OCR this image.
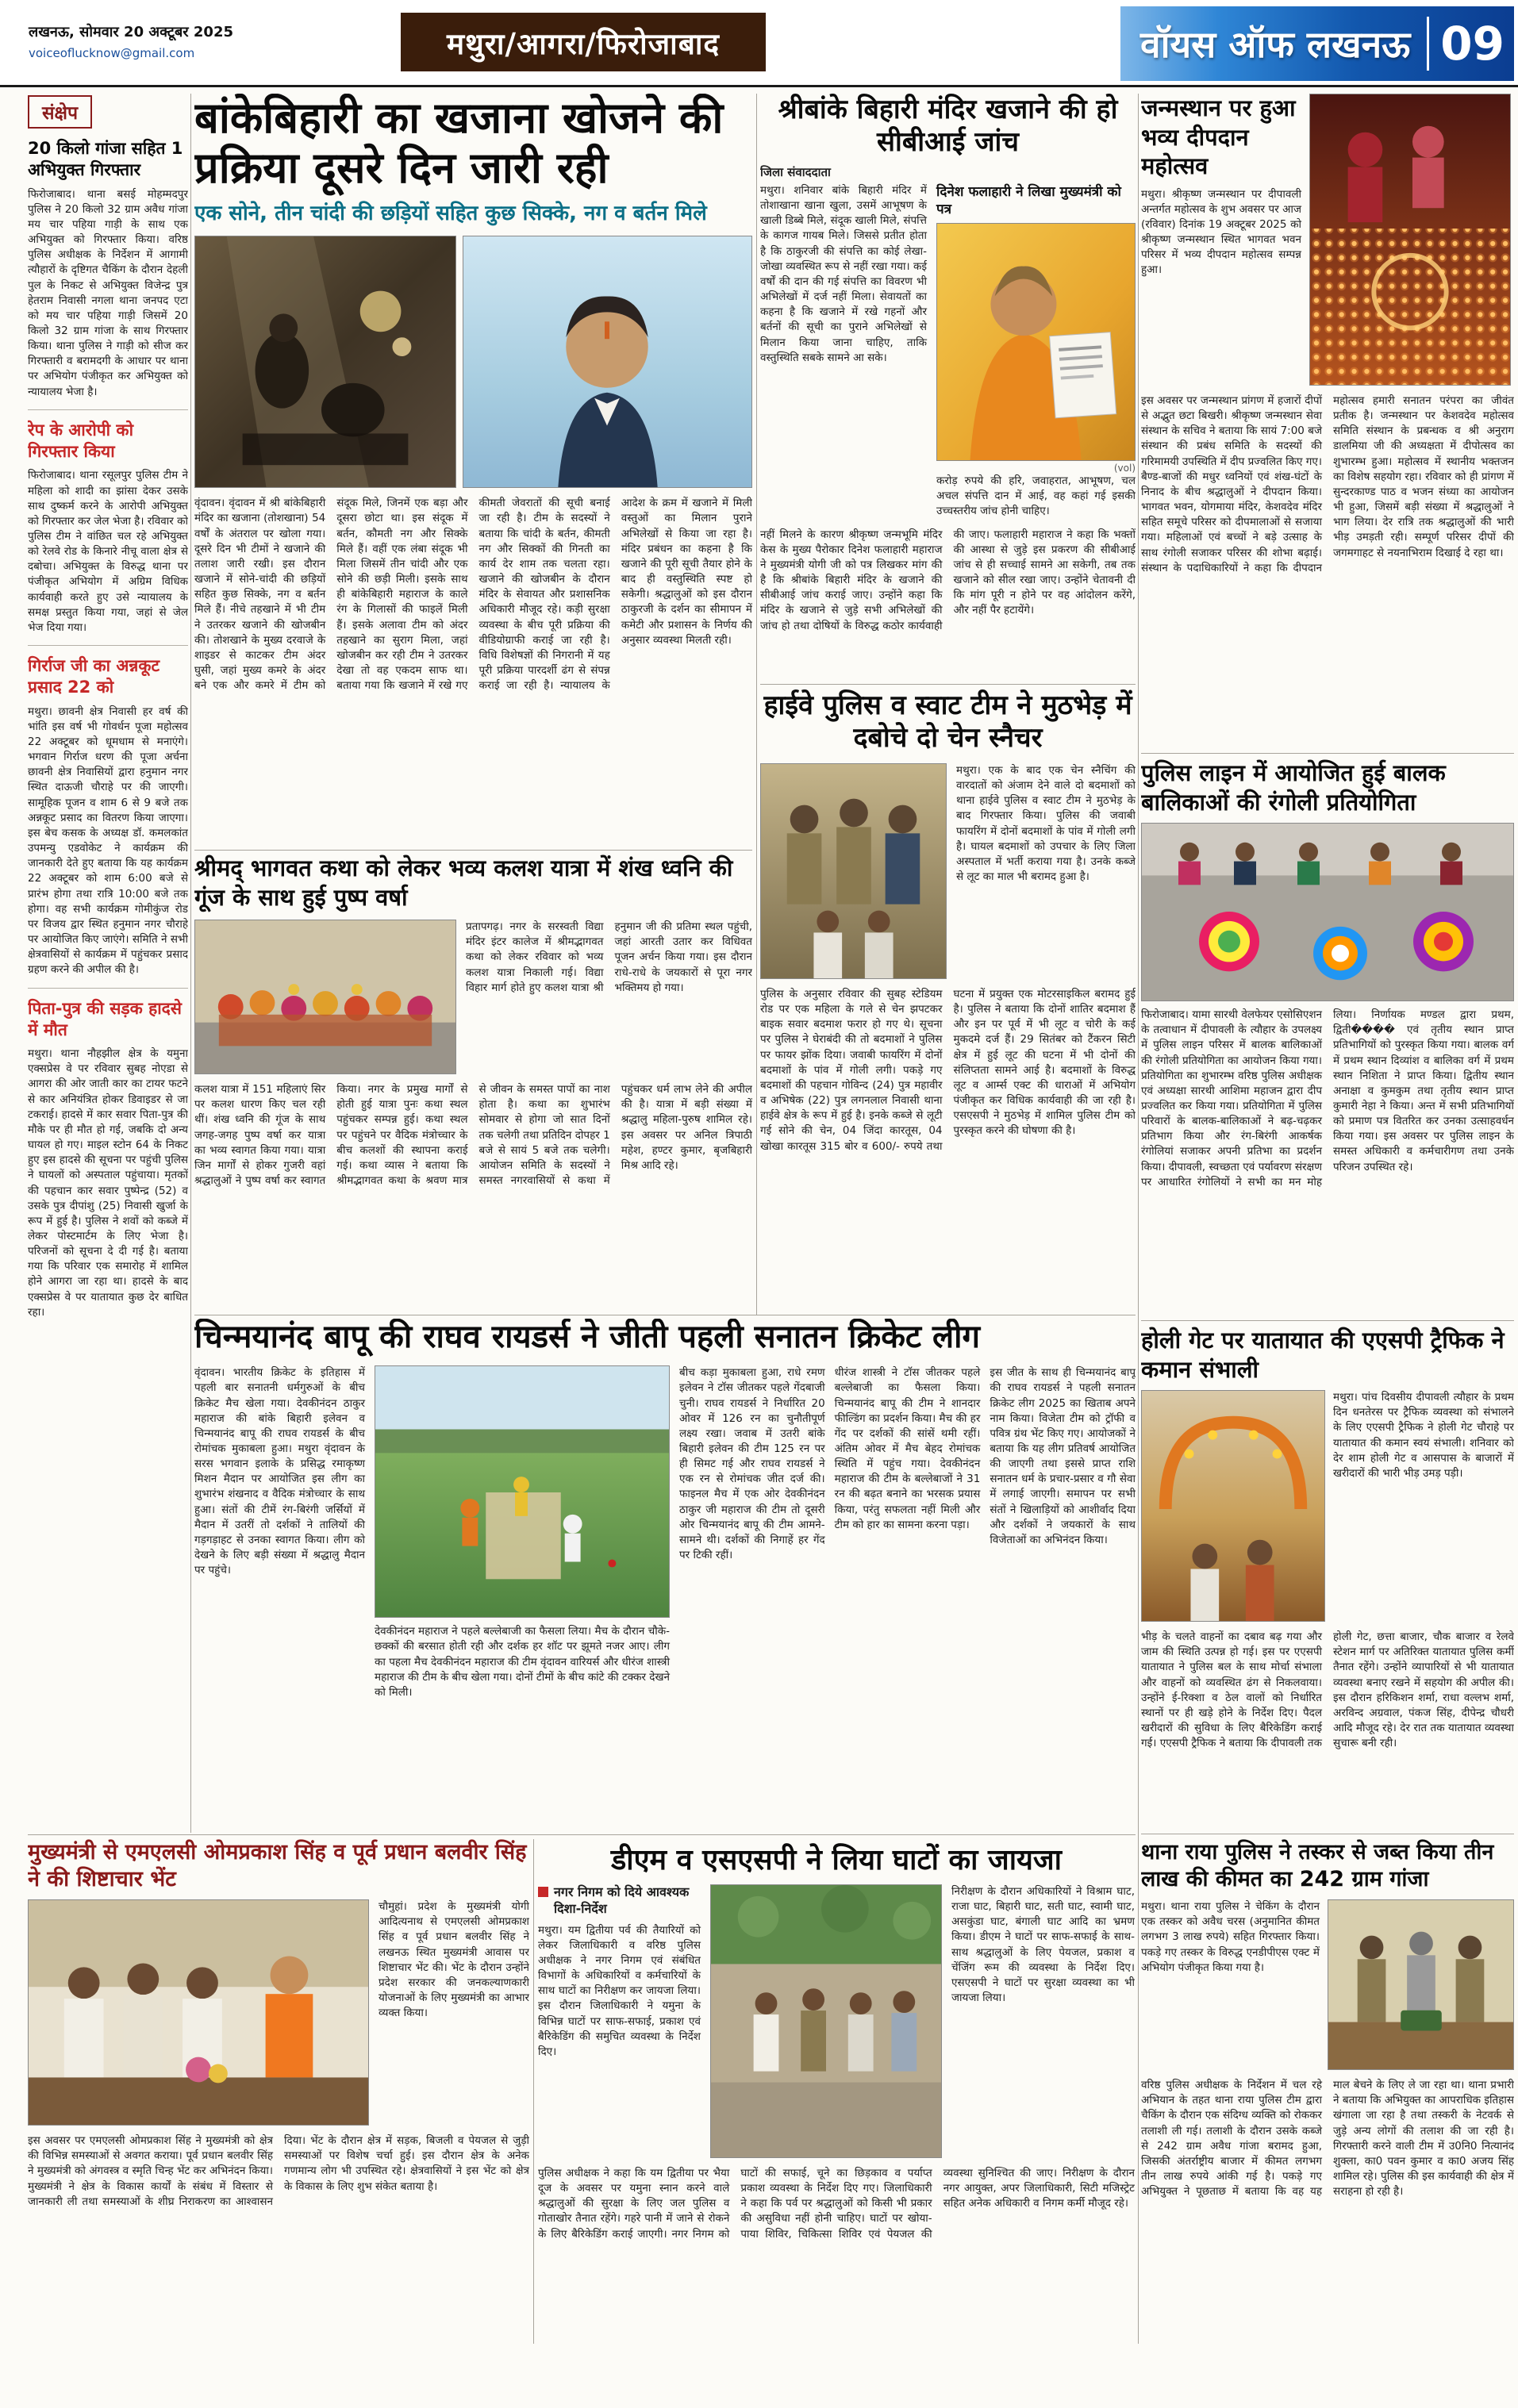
लखनऊ, सोमवार 20 अक्टूबर 2025
voiceoflucknow@gmail.com	मथुरा/आगरा/फिरोजाबाद	वॉयस ऑफ लखनऊ 09
संक्षेप
20 किलो गांजा सहित 1 अभियुक्त गिरफ्तार
फिरोजाबाद। थाना बसई मोहम्मदपुर पुलिस ने 20 किलो 32 ग्राम अवैध गांजा मय चार पहिया गाड़ी के साथ एक अभियुक्त को गिरफ्तार किया। वरिष्ठ पुलिस अधीक्षक के निर्देशन में आगामी त्यौहारों के दृष्टिगत चैकिंग के दौरान देहली पुल के निकट से अभियुक्त विजेन्द्र पुत्र हेतराम निवासी नगला थाना जनपद एटा को मय चार पहिया गाड़ी जिसमें 20 किलो 32 ग्राम गांजा के साथ गिरफ्तार किया। थाना पुलिस ने गाड़ी को सीज कर गिरफ्तारी व बरामदगी के आधार पर थाना पर अभियोग पंजीकृत कर अभियुक्त को न्यायालय भेजा है।
रेप के आरोपी को गिरफ्तार किया
फिरोजाबाद। थाना रसूलपुर पुलिस टीम ने महिला को शादी का झांसा देकर उसके साथ दुष्कर्म करने के आरोपी अभियुक्त को गिरफ्तार कर जेल भेजा है। रविवार को पुलिस टीम ने वांछित चल रहे अभियुक्त को रेलवे रोड के किनारे नीचू वाला क्षेत्र से दबोचा। अभियुक्त के विरुद्ध थाना पर पंजीकृत अभियोग में अग्रिम विधिक कार्यवाही करते हुए उसे न्यायालय के समक्ष प्रस्तुत किया गया, जहां से जेल भेज दिया गया।
गिर्राज जी का अन्नकूट प्रसाद 22 को
मथुरा। छावनी क्षेत्र निवासी हर वर्ष की भांति इस वर्ष भी गोवर्धन पूजा महोत्सव 22 अक्टूबर को धूमधाम से मनाएंगे। भगवान गिर्राज धरण की पूजा अर्चना छावनी क्षेत्र निवासियों द्वारा हनुमान नगर स्थित दाऊजी चौराहे पर की जाएगी। सामूहिक पूजन व शाम 6 से 9 बजे तक अन्नकूट प्रसाद का वितरण किया जाएगा। इस बेच कसक के अध्यक्ष डॉ. कमलकांत उपमन्यु एडवोकेट ने कार्यक्रम की जानकारी देते हुए बताया कि यह कार्यक्रम 22 अक्टूबर को शाम 6:00 बजे से प्रारंभ होगा तथा रात्रि 10:00 बजे तक होगा। वह सभी कार्यक्रम गोमीकुंज रोड पर विजय द्वार स्थित हनुमान नगर चौराहे पर आयोजित किए जाएंगे। समिति ने सभी क्षेत्रवासियों से कार्यक्रम में पहुंचकर प्रसाद ग्रहण करने की अपील की है।
पिता-पुत्र की सड़क हादसे में मौत
मथुरा। थाना नौहझील क्षेत्र के यमुना एक्सप्रेस वे पर रविवार सुबह नोएडा से आगरा की ओर जाती कार का टायर फटने से कार अनियंत्रित होकर डिवाइडर से जा टकराई। हादसे में कार सवार पिता-पुत्र की मौके पर ही मौत हो गई, जबकि दो अन्य घायल हो गए। माइल स्टोन 64 के निकट हुए इस हादसे की सूचना पर पहुंची पुलिस ने घायलों को अस्पताल पहुंचाया। मृतकों की पहचान कार सवार पुष्पेन्द्र (52) व उसके पुत्र दीपांशु (25) निवासी खुर्जा के रूप में हुई है। पुलिस ने शवों को कब्जे में लेकर पोस्टमार्टम के लिए भेजा है। परिजनों को सूचना दे दी गई है। बताया गया कि परिवार एक समारोह में शामिल होने आगरा जा रहा था। हादसे के बाद एक्सप्रेस वे पर यातायात कुछ देर बाधित रहा।
बांकेबिहारी का खजाना खोजने की प्रक्रिया दूसरे दिन जारी रही
एक सोने, तीन चांदी की छड़ियों सहित कुछ सिक्के, नग व बर्तन मिले
वृंदावन। वृंदावन में श्री बांकेबिहारी मंदिर का खजाना (तोशखाना) 54 वर्षों के अंतराल पर खोला गया। दूसरे दिन भी टीमों ने खजाने की तलाश जारी रखी। इस दौरान खजाने में सोने-चांदी की छड़ियों सहित कुछ सिक्के, नग व बर्तन मिले हैं। नीचे तहखाने में भी टीम ने उतरकर खजाने की खोजबीन की। तोशखाने के मुख्य दरवाजे के शाइडर से काटकर टीम अंदर घुसी, जहां मुख्य कमरे के अंदर बने एक और कमरे में टीम को संदूक मिले, जिनमें एक बड़ा और दूसरा छोटा था। इस संदूक में बर्तन, कौमती नग और सिक्के मिले हैं। वहीं एक लंबा संदूक भी मिला जिसमें तीन चांदी और एक सोने की छड़ी मिली। इसके साथ ही बांकेबिहारी महाराज के काले रंग के गिलासों की फाइलें मिली हैं। इसके अलावा टीम को अंदर तहखाने का सुराग मिला, जहां खोजबीन कर रही टीम ने उतरकर देखा तो वह एकदम साफ था। बताया गया कि खजाने में रखे गए कीमती जेवरातों की सूची बनाई जा रही है। टीम के सदस्यों ने बताया कि चांदी के बर्तन, कीमती नग और सिक्कों की गिनती का कार्य देर शाम तक चलता रहा। खजाने की खोजबीन के दौरान मंदिर के सेवायत और प्रशासनिक अधिकारी मौजूद रहे। कड़ी सुरक्षा व्यवस्था के बीच पूरी प्रक्रिया की वीडियोग्राफी कराई जा रही है। विधि विशेषज्ञों की निगरानी में यह पूरी प्रक्रिया पारदर्शी ढंग से संपन्न कराई जा रही है। न्यायालय के आदेश के क्रम में खजाने में मिली वस्तुओं का मिलान पुराने अभिलेखों से किया जा रहा है। मंदिर प्रबंधन का कहना है कि खजाने की पूरी सूची तैयार होने के बाद ही वस्तुस्थिति स्पष्ट हो सकेगी। श्रद्धालुओं को इस दौरान ठाकुरजी के दर्शन का सीमापन में कमेटी और प्रशासन के निर्णय की अनुसार व्यवस्था मिलती रही।
श्रीमद् भागवत कथा को लेकर भव्य कलश यात्रा में शंख ध्वनि की गूंज के साथ हुई पुष्प वर्षा
प्रतापगढ़। नगर के सरस्वती विद्या मंदिर इंटर कालेज में श्रीमद्भागवत कथा को लेकर रविवार को भव्य कलश यात्रा निकाली गई। विद्या विहार मार्ग होते हुए कलश यात्रा श्री हनुमान जी की प्रतिमा स्थल पहुंची, जहां आरती उतार कर विधिवत पूजन अर्चन किया गया। इस दौरान राधे-राधे के जयकारों से पूरा नगर भक्तिमय हो गया।
कलश यात्रा में 151 महिलाएं सिर पर कलश धारण किए चल रही थीं। शंख ध्वनि की गूंज के साथ जगह-जगह पुष्प वर्षा कर यात्रा का भव्य स्वागत किया गया। यात्रा जिन मार्गों से होकर गुजरी वहां श्रद्धालुओं ने पुष्प वर्षा कर स्वागत किया। नगर के प्रमुख मार्गों से होती हुई यात्रा पुनः कथा स्थल पहुंचकर सम्पन्न हुई। कथा स्थल पर पहुंचने पर वैदिक मंत्रोच्चार के बीच कलशों की स्थापना कराई गई। कथा व्यास ने बताया कि श्रीमद्भागवत कथा के श्रवण मात्र से जीवन के समस्त पापों का नाश होता है। कथा का शुभारंभ सोमवार से होगा जो सात दिनों तक चलेगी तथा प्रतिदिन दोपहर 1 बजे से सायं 5 बजे तक चलेगी। आयोजन समिति के सदस्यों ने समस्त नगरवासियों से कथा में पहुंचकर धर्म लाभ लेने की अपील की है। यात्रा में बड़ी संख्या में श्रद्धालु महिला-पुरुष शामिल रहे। इस अवसर पर अनिल त्रिपाठी महेश, हण्टर कुमार, बृजबिहारी मिश्र आदि रहे।
चिन्मयानंद बापू की राघव रायडर्स ने जीती पहली सनातन क्रिकेट लीग
वृंदावन। भारतीय क्रिकेट के इतिहास में पहली बार सनातनी धर्मगुरुओं के बीच क्रिकेट मैच खेला गया। देवकीनंदन ठाकुर महाराज की बांके बिहारी इलेवन व चिन्मयानंद बापू की राघव रायडर्स के बीच रोमांचक मुकाबला हुआ। मथुरा वृंदावन के सरस भगवान इलाके के प्रसिद्ध रमाकृष्ण मिशन मैदान पर आयोजित इस लीग का शुभारंभ शंखनाद व वैदिक मंत्रोच्चार के साथ हुआ। संतों की टीमें रंग-बिरंगी जर्सियों में मैदान में उतरीं तो दर्शकों ने तालियों की गड़गड़ाहट से उनका स्वागत किया। लीग को देखने के लिए बड़ी संख्या में श्रद्धालु मैदान पर पहुंचे।
देवकीनंदन महाराज ने पहले बल्लेबाजी का फैसला लिया। मैच के दौरान चौके-छक्कों की बरसात होती रही और दर्शक हर शॉट पर झूमते नजर आए। लीग का पहला मैच देवकीनंदन महाराज की टीम वृंदावन वारियर्स और धीरंज शास्त्री महाराज की टीम के बीच खेला गया। दोनों टीमों के बीच कांटे की टक्कर देखने को मिली।
बीच कड़ा मुकाबला हुआ, राधे रमण इलेवन ने टॉस जीतकर पहले गेंदबाजी चुनी। राघव रायडर्स ने निर्धारित 20 ओवर में 126 रन का चुनौतीपूर्ण लक्ष्य रखा। जवाब में उतरी बांके बिहारी इलेवन की टीम 125 रन पर ही सिमट गई और राघव रायडर्स ने एक रन से रोमांचक जीत दर्ज की। फाइनल मैच में एक ओर देवकीनंदन ठाकुर जी महाराज की टीम तो दूसरी ओर चिन्मयानंद बापू की टीम आमने-सामने थी। दर्शकों की निगाहें हर गेंद पर टिकी रहीं।
धीरंज शास्त्री ने टॉस जीतकर पहले बल्लेबाजी का फैसला किया। चिन्मयानंद बापू की टीम ने शानदार फील्डिंग का प्रदर्शन किया। मैच की हर गेंद पर दर्शकों की सांसें थमी रहीं। अंतिम ओवर में मैच बेहद रोमांचक स्थिति में पहुंच गया। देवकीनंदन महाराज की टीम के बल्लेबाजों ने 31 रन की बढ़त बनाने का भरसक प्रयास किया, परंतु सफलता नहीं मिली और टीम को हार का सामना करना पड़ा।
इस जीत के साथ ही चिन्मयानंद बापू की राघव रायडर्स ने पहली सनातन क्रिकेट लीग 2025 का खिताब अपने नाम किया। विजेता टीम को ट्रॉफी व पवित्र ग्रंथ भेंट किए गए। आयोजकों ने बताया कि यह लीग प्रतिवर्ष आयोजित की जाएगी तथा इससे प्राप्त राशि सनातन धर्म के प्रचार-प्रसार व गौ सेवा में लगाई जाएगी। समापन पर सभी संतों ने खिलाड़ियों को आशीर्वाद दिया और दर्शकों ने जयकारों के साथ विजेताओं का अभिनंदन किया।
श्रीबांके बिहारी मंदिर खजाने की हो सीबीआई जांच
जिला संवाददाता
मथुरा। शनिवार बांके बिहारी मंदिर में तोशाखाना खाना खुला, उसमें आभूषण के खाली डिब्बे मिले, संदूक खाली मिले, संपत्ति के कागज गायब मिले। जिससे प्रतीत होता है कि ठाकुरजी की संपत्ति का कोई लेखा-जोखा व्यवस्थित रूप से नहीं रखा गया। कई वर्षों की दान की गई संपत्ति का विवरण भी अभिलेखों में दर्ज नहीं मिला। सेवायतों का कहना है कि खजाने में रखे गहनों और बर्तनों की सूची का पुराने अभिलेखों से मिलान किया जाना चाहिए, ताकि वस्तुस्थिति सबके सामने आ सके।
दिनेश फलाहारी ने लिखा मुख्यमंत्री को पत्र
(vol)
करोड़ रुपये की हरि, जवाहरात, आभूषण, चल अचल संपत्ति दान में आई, वह कहां गई इसकी उच्चस्तरीय जांच होनी चाहिए।
नहीं मिलने के कारण श्रीकृष्ण जन्मभूमि मंदिर केस के मुख्य पैरोकार दिनेश फलाहारी महाराज ने मुख्यमंत्री योगी जी को पत्र लिखकर मांग की है कि श्रीबांके बिहारी मंदिर के खजाने की सीबीआई जांच कराई जाए। उन्होंने कहा कि मंदिर के खजाने से जुड़े सभी अभिलेखों की जांच हो तथा दोषियों के विरुद्ध कठोर कार्यवाही की जाए। फलाहारी महाराज ने कहा कि भक्तों की आस्था से जुड़े इस प्रकरण की सीबीआई जांच से ही सच्चाई सामने आ सकेगी, तब तक खजाने को सील रखा जाए। उन्होंने चेतावनी दी कि मांग पूरी न होने पर वह आंदोलन करेंगे, और नहीं पैर हटायेंगे।
हाईवे पुलिस व स्वाट टीम ने मुठभेड़ में दबोचे दो चेन स्नैचर
मथुरा। एक के बाद एक चेन स्नैचिंग की वारदातों को अंजाम देने वाले दो बदमाशों को थाना हाईवे पुलिस व स्वाट टीम ने मुठभेड़ के बाद गिरफ्तार किया। पुलिस की जवाबी फायरिंग में दोनों बदमाशों के पांव में गोली लगी है। घायल बदमाशों को उपचार के लिए जिला अस्पताल में भर्ती कराया गया है। उनके कब्जे से लूट का माल भी बरामद हुआ है।
पुलिस के अनुसार रविवार की सुबह स्टेडियम रोड पर एक महिला के गले से चेन झपटकर बाइक सवार बदमाश फरार हो गए थे। सूचना पर पुलिस ने घेराबंदी की तो बदमाशों ने पुलिस पर फायर झोंक दिया। जवाबी फायरिंग में दोनों बदमाशों के पांव में गोली लगी। पकड़े गए बदमाशों की पहचान गोविन्द (24) पुत्र महावीर व अभिषेक (22) पुत्र लगनलाल निवासी थाना हाईवे क्षेत्र के रूप में हुई है। इनके कब्जे से लूटी गई सोने की चेन, 04 जिंदा कारतूस, 04 खोखा कारतूस 315 बोर व 600/- रुपये तथा घटना में प्रयुक्त एक मोटरसाइकिल बरामद हुई है। पुलिस ने बताया कि दोनों शातिर बदमाश हैं और इन पर पूर्व में भी लूट व चोरी के कई मुकदमे दर्ज हैं। 29 सितंबर को टैंकरन सिटी क्षेत्र में हुई लूट की घटना में भी दोनों की संलिप्तता सामने आई है। बदमाशों के विरुद्ध लूट व आर्म्स एक्ट की धाराओं में अभियोग पंजीकृत कर विधिक कार्यवाही की जा रही है। एसएसपी ने मुठभेड़ में शामिल पुलिस टीम को पुरस्कृत करने की घोषणा की है।
जन्मस्थान पर हुआ भव्य दीपदान महोत्सव
मथुरा। श्रीकृष्ण जन्मस्थान पर दीपावली अन्तर्गत महोत्सव के शुभ अवसर पर आज (रविवार) दिनांक 19 अक्टूबर 2025 को श्रीकृष्ण जन्मस्थान स्थित भागवत भवन परिसर में भव्य दीपदान महोत्सव सम्पन्न हुआ।
इस अवसर पर जन्मस्थान प्रांगण में हजारों दीपों से अद्भुत छटा बिखरी। श्रीकृष्ण जन्मस्थान सेवा संस्थान के सचिव ने बताया कि सायं 7:00 बजे संस्थान की प्रबंध समिति के सदस्यों की गरिमामयी उपस्थिति में दीप प्रज्वलित किए गए। बैण्ड-बाजों की मधुर ध्वनियों एवं शंख-घंटों के निनाद के बीच श्रद्धालुओं ने दीपदान किया। भागवत भवन, योगमाया मंदिर, केशवदेव मंदिर सहित समूचे परिसर को दीपमालाओं से सजाया गया। महिलाओं एवं बच्चों ने बड़े उत्साह के साथ रंगोली सजाकर परिसर की शोभा बढ़ाई। संस्थान के पदाधिकारियों ने कहा कि दीपदान महोत्सव हमारी सनातन परंपरा का जीवंत प्रतीक है। जन्मस्थान पर केशवदेव महोत्सव समिति संस्थान के प्रबन्धक व श्री अनुराग डालमिया जी की अध्यक्षता में दीपोत्सव का शुभारम्भ हुआ। महोत्सव में स्थानीय भक्तजन का विशेष सहयोग रहा। रविवार को ही प्रांगण में सुन्दरकाण्ड पाठ व भजन संध्या का आयोजन भी हुआ, जिसमें बड़ी संख्या में श्रद्धालुओं ने भाग लिया। देर रात्रि तक श्रद्धालुओं की भारी भीड़ उमड़ती रही। सम्पूर्ण परिसर दीपों की जगमगाहट से नयनाभिराम दिखाई दे रहा था।
पुलिस लाइन में आयोजित हुई बालक बालिकाओं की रंगोली प्रतियोगिता
फिरोजाबाद। यामा सारथी वेलफेयर एसोसिएशन के तत्वाधान में दीपावली के त्यौहार के उपलक्ष्य में पुलिस लाइन परिसर में बालक बालिकाओं की रंगोली प्रतियोगिता का आयोजन किया गया। प्रतियोगिता का शुभारम्भ वरिष्ठ पुलिस अधीक्षक एवं अध्यक्षा सारथी आशिमा महाजन द्वारा दीप प्रज्वलित कर किया गया। प्रतियोगिता में पुलिस परिवारों के बालक-बालिकाओं ने बढ़-चढ़कर प्रतिभाग किया और रंग-बिरंगी आकर्षक रंगोलियां सजाकर अपनी प्रतिभा का प्रदर्शन किया। दीपावली, स्वच्छता एवं पर्यावरण संरक्षण पर आधारित रंगोलियों ने सभी का मन मोह लिया। निर्णायक मण्डल द्वारा प्रथम, द्विती���� एवं तृतीय स्थान प्राप्त प्रतिभागियों को पुरस्कृत किया गया। बालक वर्ग में प्रथम स्थान दिव्यांश व बालिका वर्ग में प्रथम स्थान निशिता ने प्राप्त किया। द्वितीय स्थान अनाक्षा व कुमकुम तथा तृतीय स्थान प्राप्त कुमारी नेहा ने किया। अन्त में सभी प्रतिभागियों को प्रमाण पत्र वितरित कर उनका उत्साहवर्धन किया गया। इस अवसर पर पुलिस लाइन के समस्त अधिकारी व कर्मचारीगण तथा उनके परिजन उपस्थित रहे।
होली गेट पर यातायात की एएसपी ट्रैफिक ने कमान संभाली
मथुरा। पांच दिवसीय दीपावली त्यौहार के प्रथम दिन धनतेरस पर ट्रैफिक व्यवस्था को संभालने के लिए एएसपी ट्रैफिक ने होली गेट चौराहे पर यातायात की कमान स्वयं संभाली। शनिवार को देर शाम होली गेट व आसपास के बाजारों में खरीदारों की भारी भीड़ उमड़ पड़ी।
भीड़ के चलते वाहनों का दबाव बढ़ गया और जाम की स्थिति उत्पन्न हो गई। इस पर एएसपी यातायात ने पुलिस बल के साथ मोर्चा संभाला और वाहनों को व्यवस्थित ढंग से निकलवाया। उन्होंने ई-रिक्शा व ठेल वालों को निर्धारित स्थानों पर ही खड़े होने के निर्देश दिए। पैदल खरीदारों की सुविधा के लिए बैरिकेडिंग कराई गई। एएसपी ट्रैफिक ने बताया कि दीपावली तक होली गेट, छत्ता बाजार, चौक बाजार व रेलवे स्टेशन मार्ग पर अतिरिक्त यातायात पुलिस कर्मी तैनात रहेंगे। उन्होंने व्यापारियों से भी यातायात व्यवस्था बनाए रखने में सहयोग की अपील की। इस दौरान हरिकिशन शर्मा, राधा वल्लभ शर्मा, अरविन्द अग्रवाल, पंकज सिंह, दीपेन्द्र चौधरी आदि मौजूद रहे। देर रात तक यातायात व्यवस्था सुचारू बनी रही।
थाना राया पुलिस ने तस्कर से जब्त किया तीन लाख की कीमत का 242 ग्राम गांजा
मथुरा। थाना राया पुलिस ने चेकिंग के दौरान एक तस्कर को अवैध चरस (अनुमानित कीमत लगभग 3 लाख रुपये) सहित गिरफ्तार किया। पकड़े गए तस्कर के विरुद्ध एनडीपीएस एक्ट में अभियोग पंजीकृत किया गया है।
वरिष्ठ पुलिस अधीक्षक के निर्देशन में चल रहे अभियान के तहत थाना राया पुलिस टीम द्वारा चैकिंग के दौरान एक संदिग्ध व्यक्ति को रोककर तलाशी ली गई। तलाशी के दौरान उसके कब्जे से 242 ग्राम अवैध गांजा बरामद हुआ, जिसकी अंतर्राष्ट्रीय बाजार में कीमत लगभग तीन लाख रुपये आंकी गई है। पकड़े गए अभियुक्त ने पूछताछ में बताया कि वह यह माल बेचने के लिए ले जा रहा था। थाना प्रभारी ने बताया कि अभियुक्त का आपराधिक इतिहास खंगाला जा रहा है तथा तस्करी के नेटवर्क से जुड़े अन्य लोगों की तलाश की जा रही है। गिरफ्तारी करने वाली टीम में उ0नि0 नित्यानंद शुक्ला, का0 पवन कुमार व का0 अजय सिंह शामिल रहे। पुलिस की इस कार्यवाही की क्षेत्र में सराहना हो रही है।
मुख्यमंत्री से एमएलसी ओमप्रकाश सिंह व पूर्व प्रधान बलवीर सिंह ने की शिष्टाचार भेंट
चौमुहां। प्रदेश के मुख्यमंत्री योगी आदित्यनाथ से एमएलसी ओमप्रकाश सिंह व पूर्व प्रधान बलवीर सिंह ने लखनऊ स्थित मुख्यमंत्री आवास पर शिष्टाचार भेंट की। भेंट के दौरान उन्होंने प्रदेश सरकार की जनकल्याणकारी योजनाओं के लिए मुख्यमंत्री का आभार व्यक्त किया।
इस अवसर पर एमएलसी ओमप्रकाश सिंह ने मुख्यमंत्री को क्षेत्र की विभिन्न समस्याओं से अवगत कराया। पूर्व प्रधान बलवीर सिंह ने मुख्यमंत्री को अंगवस्त्र व स्मृति चिन्ह भेंट कर अभिनंदन किया। मुख्यमंत्री ने क्षेत्र के विकास कार्यों के संबंध में विस्तार से जानकारी ली तथा समस्याओं के शीघ्र निराकरण का आश्वासन दिया। भेंट के दौरान क्षेत्र में सड़क, बिजली व पेयजल से जुड़ी समस्याओं पर विशेष चर्चा हुई। इस दौरान क्षेत्र के अनेक गणमान्य लोग भी उपस्थित रहे। क्षेत्रवासियों ने इस भेंट को क्षेत्र के विकास के लिए शुभ संकेत बताया है।
डीएम व एसएसपी ने लिया घाटों का जायजा
नगर निगम को दिये आवश्यक दिशा-निर्देश
मथुरा। यम द्वितीया पर्व की तैयारियों को लेकर जिलाधिकारी व वरिष्ठ पुलिस अधीक्षक ने नगर निगम एवं संबंधित विभागों के अधिकारियों व कर्मचारियों के साथ घाटों का निरीक्षण कर जायजा लिया। इस दौरान जिलाधिकारी ने यमुना के विभिन्न घाटों पर साफ-सफाई, प्रकाश एवं बैरिकेडिंग की समुचित व्यवस्था के निर्देश दिए।
निरीक्षण के दौरान अधिकारियों ने विश्राम घाट, राजा घाट, बिहारी घाट, सती घाट, स्वामी घाट, असकुंडा घाट, बंगाली घाट आदि का भ्रमण किया। डीएम ने घाटों पर साफ-सफाई के साथ-साथ श्रद्धालुओं के लिए पेयजल, प्रकाश व चेंजिंग रूम की व्यवस्था के निर्देश दिए। एसएसपी ने घाटों पर सुरक्षा व्यवस्था का भी जायजा लिया।
पुलिस अधीक्षक ने कहा कि यम द्वितीया पर भैया दूज के अवसर पर यमुना स्नान करने वाले श्रद्धालुओं की सुरक्षा के लिए जल पुलिस व गोताखोर तैनात रहेंगे। गहरे पानी में जाने से रोकने के लिए बैरिकेडिंग कराई जाएगी। नगर निगम को घाटों की सफाई, चूने का छिड़काव व पर्याप्त प्रकाश व्यवस्था के निर्देश दिए गए। जिलाधिकारी ने कहा कि पर्व पर श्रद्धालुओं को किसी भी प्रकार की असुविधा नहीं होनी चाहिए। घाटों पर खोया-पाया शिविर, चिकित्सा शिविर एवं पेयजल की व्यवस्था सुनिश्चित की जाए। निरीक्षण के दौरान नगर आयुक्त, अपर जिलाधिकारी, सिटी मजिस्ट्रेट सहित अनेक अधिकारी व निगम कर्मी मौजूद रहे।
